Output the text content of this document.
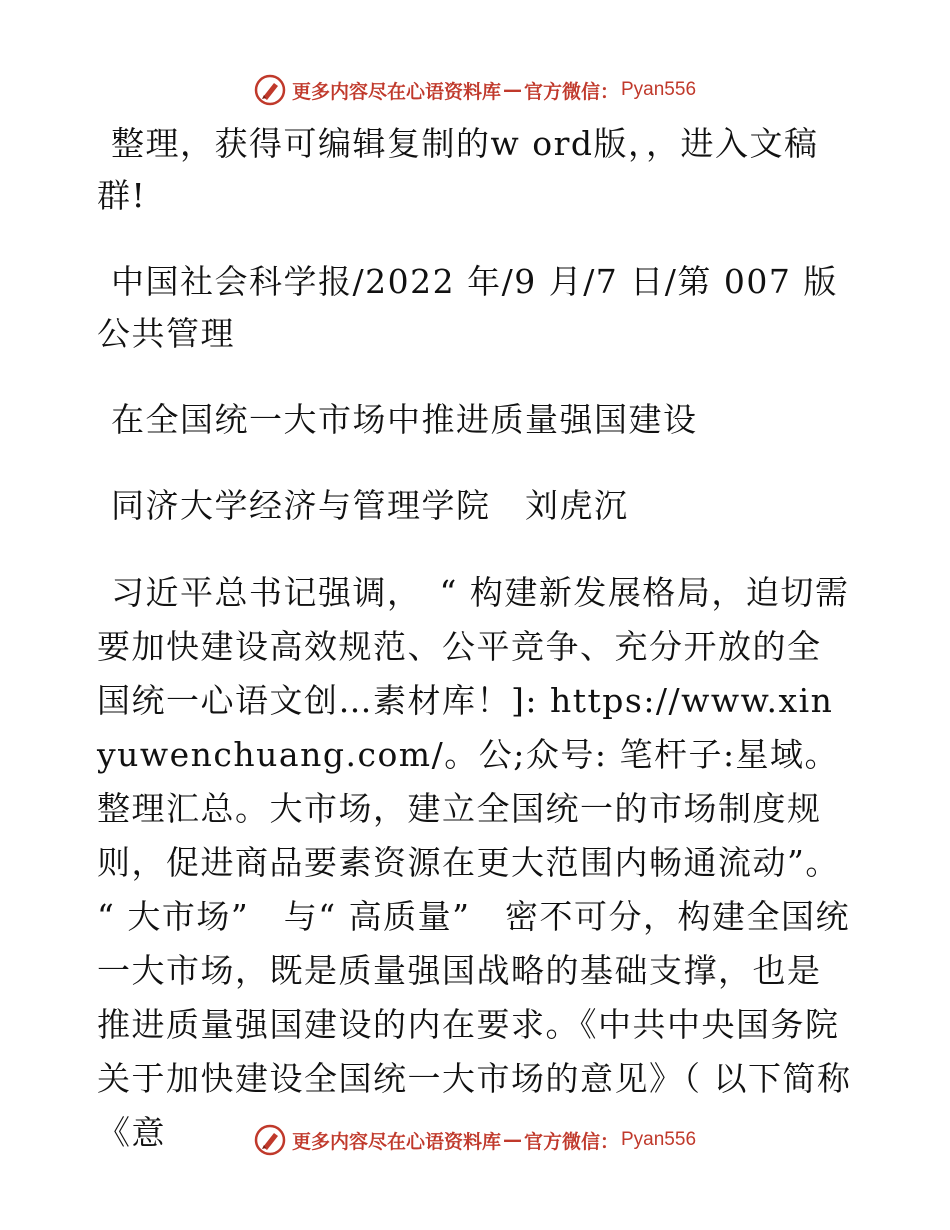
更多内容尽在心语资料库 — 官方微信： Pyan556

整理，获得可编辑复制的w ord版，，进入文稿群!

中国社会科学报/2022 年/9 月/7 日/第 007 版公共管理

在全国统一大市场中推进质量强国建设

同济大学经济与管理学院　刘虎沉

习近平总书记强调，　“ 构建新发展格局，迫切需要加快建设高效规范、公平竞争、充分开放的全国统一心语文创…素材库！]: https://www.xinyuwenchuang.com/。公;众号: 笔杆子:星域。整理汇总。大市场，建立全国统一的市场制度规则，促进商品要素资源在更大范围内畅通流动”。 “ 大市场”　与“ 高质量”　密不可分，构建全国统一大市场，既是质量强国战略的基础支撑，也是推进质量强国建设的内在要求。《中共中央国务院关于加快建设全国统一大市场的意见》（ 以下简称《意	更多内容尽在心语资料库 — 官方微信： Pyan556
